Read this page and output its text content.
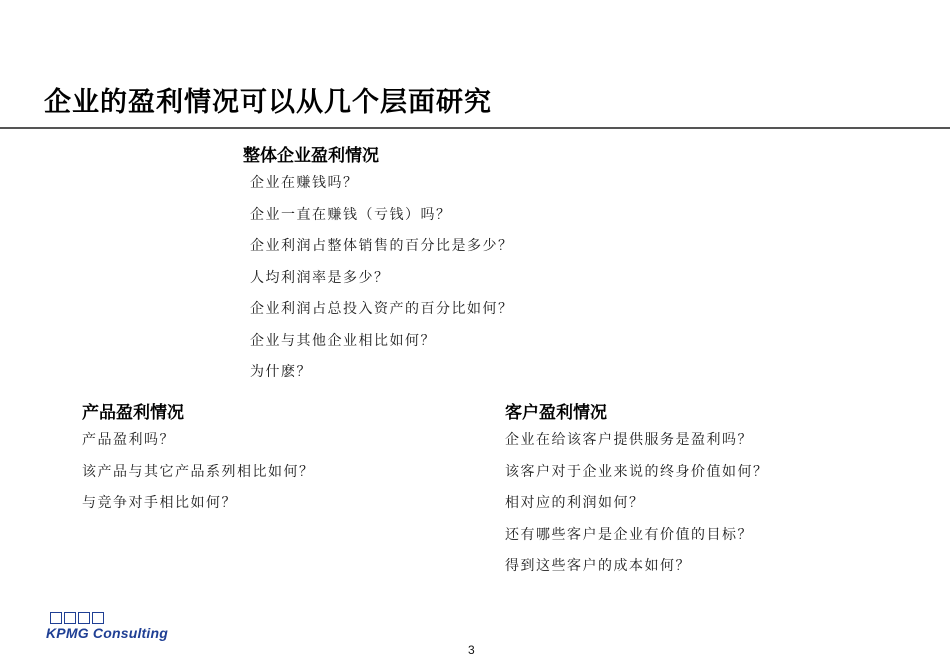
企业的盈利情况可以从几个层面研究
整体企业盈利情况
企业在赚钱吗？
企业一直在赚钱（亏钱）吗？
企业利润占整体销售的百分比是多少？
人均利润率是多少？
企业利润占总投入资产的百分比如何？
企业与其他企业相比如何？
为什麽？
产品盈利情况
产品盈利吗？
该产品与其它产品系列相比如何？
与竞争对手相比如何？
客户盈利情况
企业在给该客户提供服务是盈利吗？
该客户对于企业来说的终身价值如何？
相对应的利润如何？
还有哪些客户是企业有价值的目标？
得到这些客户的成本如何？
KPMG Consulting
3
